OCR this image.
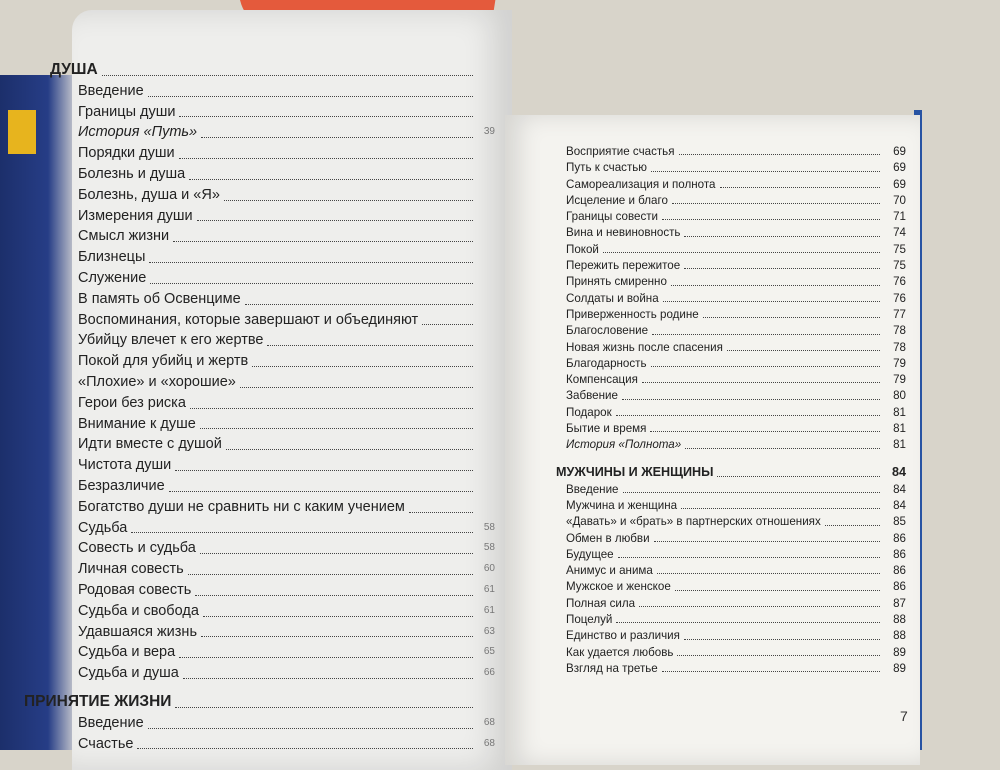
ДУША
Введение
Границы души
История «Путь»	39
Порядки души
Болезнь и душа
Болезнь, душа и «Я»
Измерения души
Смысл жизни
Близнецы
Служение
В память об Освенциме
Воспоминания, которые завершают и объединяют
Убийцу влечет к его жертве
Покой для убийц и жертв
«Плохие» и «хорошие»
Герои без риска
Внимание к душе
Идти вместе с душой
Чистота души
Безразличие
Богатство души не сравнить ни с каким учением
Судьба	58
Совесть и судьба	58
Личная совесть	60
Родовая совесть	61
Судьба и свобода	61
Удавшаяся жизнь	63
Судьба и вера	65
Судьба и душа	66
ПРИНЯТИЕ ЖИЗНИ
Введение	68
Счастье	68
Восприятие счастья	69
Путь к счастью	69
Самореализация и полнота	69
Исцеление и благо	70
Границы совести	71
Вина и невиновность	74
Покой	75
Пережить пережитое	75
Принять смиренно	76
Солдаты и война	76
Приверженность родине	77
Благословение	78
Новая жизнь после спасения	78
Благодарность	79
Компенсация	79
Забвение	80
Подарок	81
Бытие и время	81
История «Полнота»	81
МУЖЧИНЫ И ЖЕНЩИНЫ	84
Введение	84
Мужчина и женщина	84
«Давать» и «брать» в партнерских отношениях	85
Обмен в любви	86
Будущее	86
Анимус и анима	86
Мужское и женское	86
Полная сила	87
Поцелуй	88
Единство и различия	88
Как удается любовь	89
Взгляд на третье	89
7
